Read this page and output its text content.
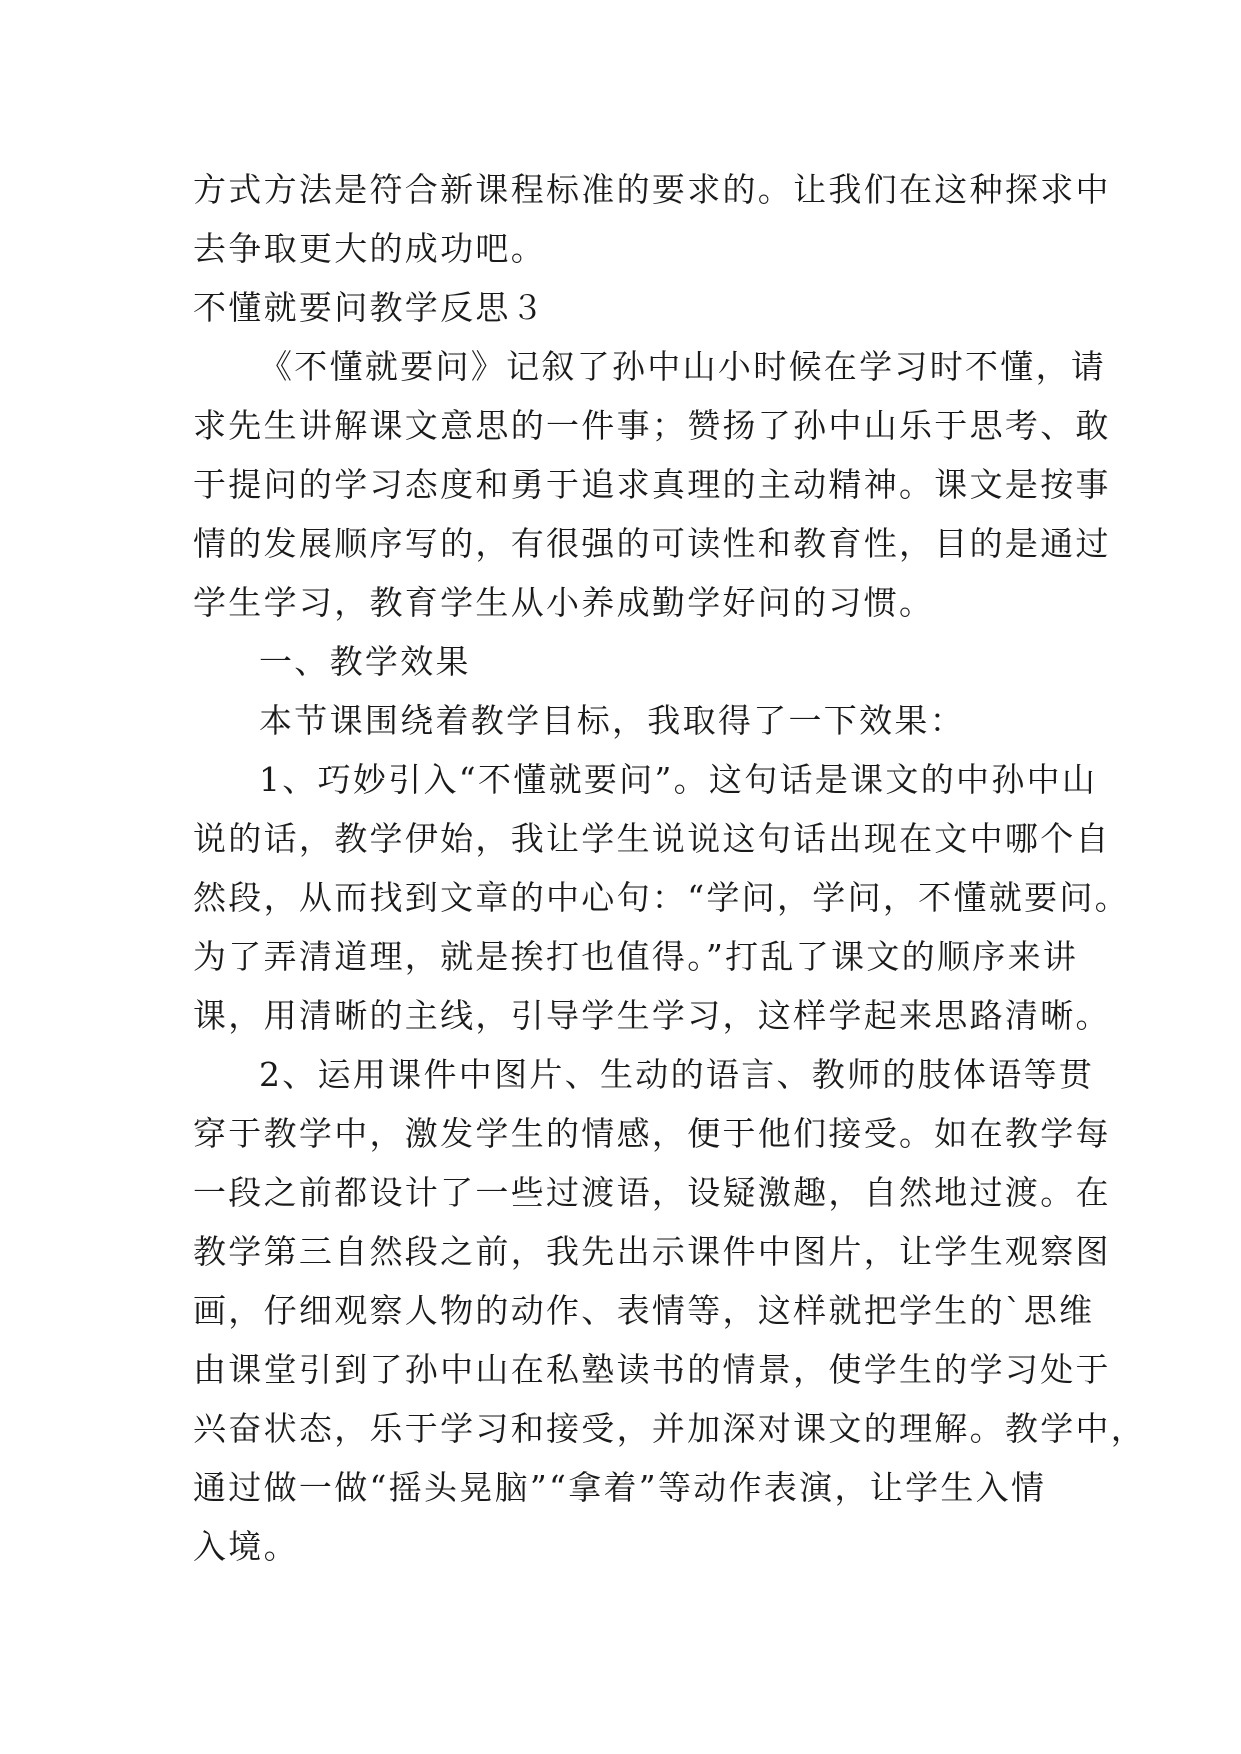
方式方法是符合新课程标准的要求的。让我们在这种探求中
去争取更大的成功吧。
不懂就要问教学反思３
《不懂就要问》记叙了孙中山小时候在学习时不懂，请
求先生讲解课文意思的一件事；赞扬了孙中山乐于思考、敢
于提问的学习态度和勇于追求真理的主动精神。课文是按事
情的发展顺序写的，有很强的可读性和教育性，目的是通过
学生学习，教育学生从小养成勤学好问的习惯。
一、教学效果
本节课围绕着教学目标，我取得了一下效果：
1、巧妙引入“不懂就要问”。这句话是课文的中孙中山
说的话，教学伊始，我让学生说说这句话出现在文中哪个自
然段，从而找到文章的中心句：“学问，学问，不懂就要问。
为了弄清道理，就是挨打也值得。”打乱了课文的顺序来讲
课，用清晰的主线，引导学生学习，这样学起来思路清晰。
2、运用课件中图片、生动的语言、教师的肢体语等贯
穿于教学中，激发学生的情感，便于他们接受。如在教学每
一段之前都设计了一些过渡语，设疑激趣，自然地过渡。在
教学第三自然段之前，我先出示课件中图片，让学生观察图
画，仔细观察人物的动作、表情等，这样就把学生的`思维
由课堂引到了孙中山在私塾读书的情景，使学生的学习处于
兴奋状态，乐于学习和接受，并加深对课文的理解。教学中，
通过做一做“摇头晃脑”“拿着”等动作表演，让学生入情
入境。
